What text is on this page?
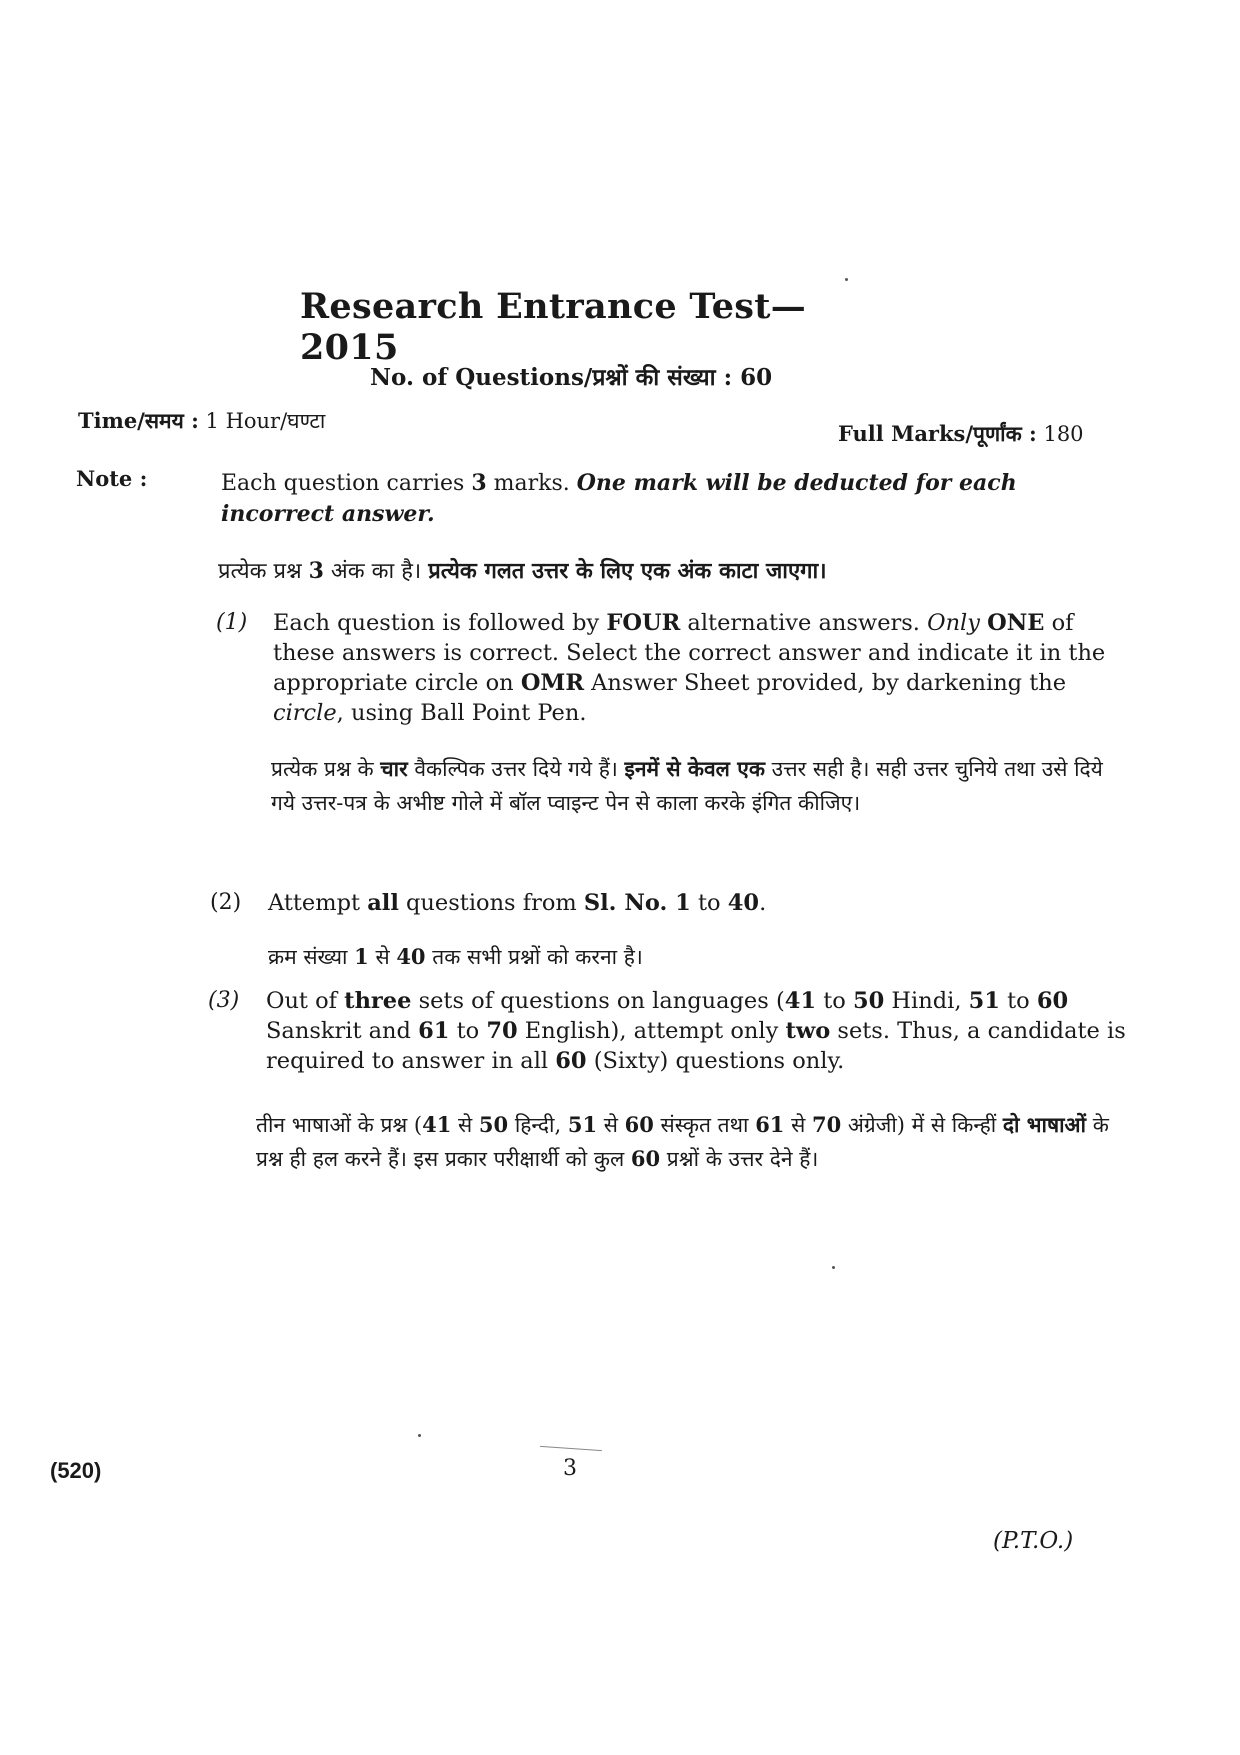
Research Entrance Test—2015
No. of Questions/प्रश्नों की संख्या : 60
Time/समय : 1 Hour/घण्टा	Full Marks/पूर्णांक : 180
Note :	Each question carries 3 marks. One mark will be deducted for each incorrect answer.
प्रत्येक प्रश्न 3 अंक का है। प्रत्येक गलत उत्तर के लिए एक अंक काटा जाएगा।
(1) Each question is followed by FOUR alternative answers. Only ONE of these answers is correct. Select the correct answer and indicate it in the appropriate circle on OMR Answer Sheet provided, by darkening the circle, using Ball Point Pen.
प्रत्येक प्रश्न के चार वैकल्पिक उत्तर दिये गये हैं। इनमें से केवल एक उत्तर सही है। सही उत्तर चुनिये तथा उसे दिये गये उत्तर-पत्र के अभीष्ट गोले में बॉल प्वाइन्ट पेन से काला करके इंगित कीजिए।
(2) Attempt all questions from Sl. No. 1 to 40.
क्रम संख्या 1 से 40 तक सभी प्रश्नों को करना है।
(3) Out of three sets of questions on languages (41 to 50 Hindi, 51 to 60 Sanskrit and 61 to 70 English), attempt only two sets. Thus, a candidate is required to answer in all 60 (Sixty) questions only.
तीन भाषाओं के प्रश्न (41 से 50 हिन्दी, 51 से 60 संस्कृत तथा 61 से 70 अंग्रेजी) में से किन्हीं दो भाषाओं के प्रश्न ही हल करने हैं। इस प्रकार परीक्षार्थी को कुल 60 प्रश्नों के उत्तर देने हैं।
(520)	3
(P.T.O.)
